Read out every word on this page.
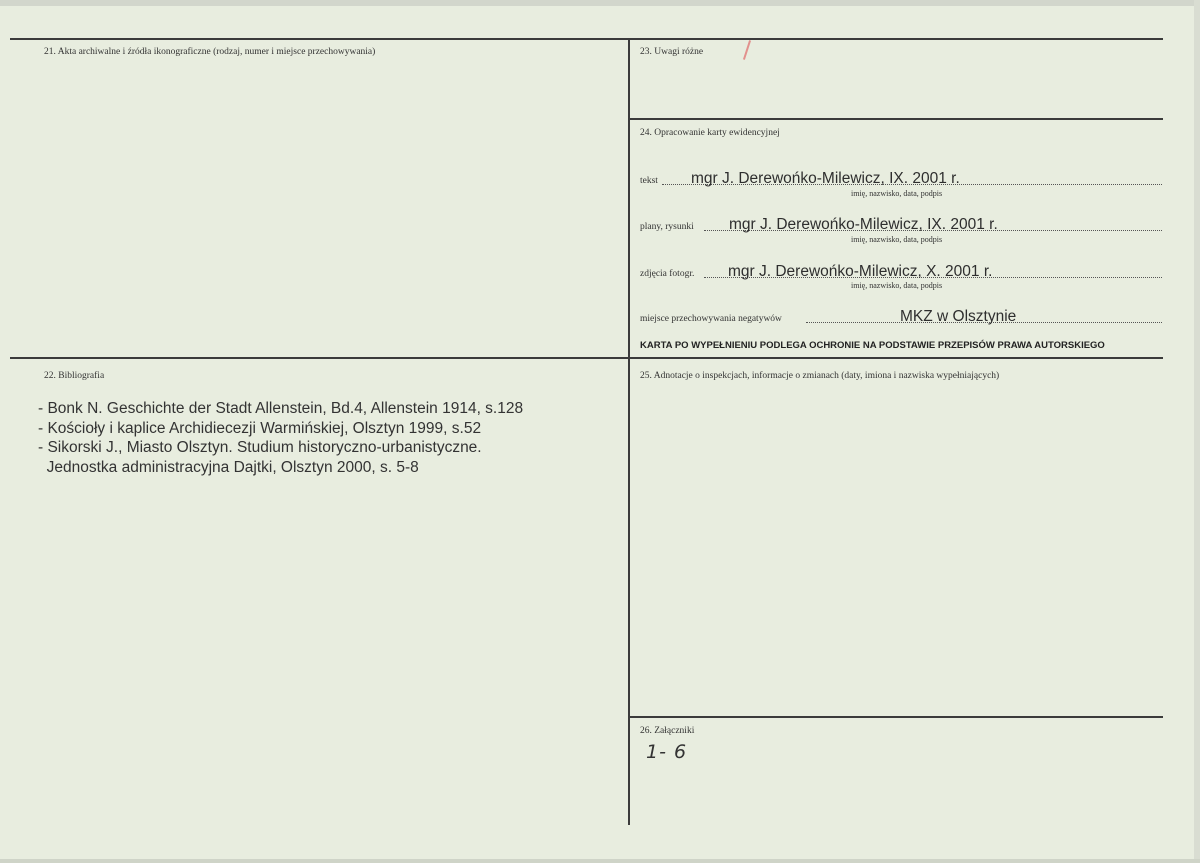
21. Akta archiwalne i źródła ikonograficzne (rodzaj, numer i miejsce przechowywania)	23. Uwagi różne
24. Opracowanie karty ewidencyjnej
tekst mgr J. Derewońko-Milewicz, IX. 2001 r.
imię, nazwisko, data, podpis
plany, rysunki mgr J. Derewońko-Milewicz, IX. 2001 r.
imię, nazwisko, data, podpis
zdjęcia fotogr. mgr J. Derewońko-Milewicz, X. 2001 r.
imię, nazwisko, data, podpis
miejsce przechowywania negatywów	MKZ w Olsztynie
KARTA PO WYPEŁNIENIU PODLEGA OCHRONIE NA PODSTAWIE PRZEPISÓW PRAWA AUTORSKIEGO
22. Bibliografia
- Bonk N. Geschichte der Stadt Allenstein, Bd.4, Allenstein 1914, s.128
- Kościoły i kaplice Archidiecezji Warmińskiej, Olsztyn 1999, s.52
- Sikorski J., Miasto Olsztyn. Studium historyczno-urbanistyczne.
Jednostka administracyjna Dajtki, Olsztyn 2000, s. 5-8
25. Adnotacje o inspekcjach, informacje o zmianach (daty, imiona i nazwiska wypełniających)
26. Załączniki
1- 6
